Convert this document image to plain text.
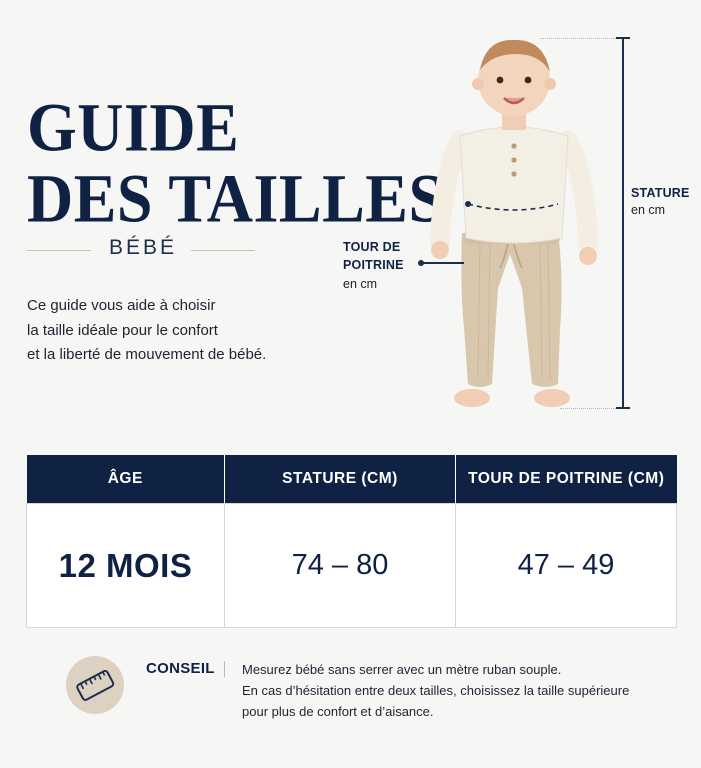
GUIDE
DES TAILLES
BÉBÉ
Ce guide vous aide à choisir
la taille idéale pour le confort
et la liberté de mouvement de bébé.
STATURE
en cm
TOUR DE
POITRINE
en cm
ÂGE	STATURE (CM)	TOUR DE POITRINE (CM)
12 MOIS	74 – 80	47 – 49
CONSEIL Mesurez bébé sans serrer avec un mètre ruban souple.
En cas d’hésitation entre deux tailles, choisissez la taille supérieure
pour plus de confort et d’aisance.
